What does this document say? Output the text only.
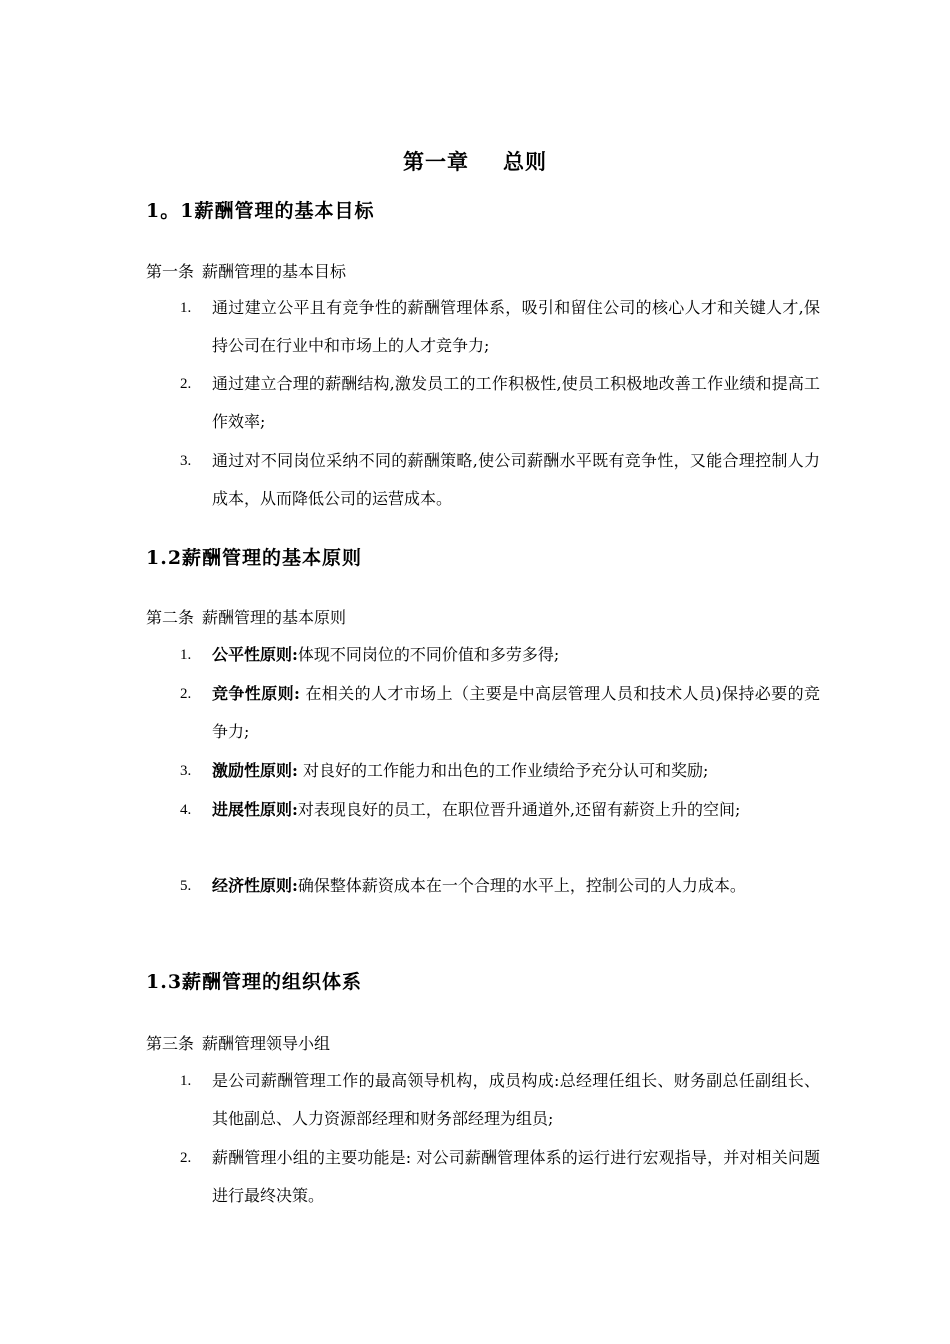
第一章 总则
1。1薪酬管理的基本目标
第一条 薪酬管理的基本目标
1. 通过建立公平且有竞争性的薪酬管理体系，吸引和留住公司的核心人才和关键人才,保持公司在行业中和市场上的人才竞争力;
2. 通过建立合理的薪酬结构,激发员工的工作积极性,使员工积极地改善工作业绩和提高工作效率;
3. 通过对不同岗位采纳不同的薪酬策略,使公司薪酬水平既有竞争性，又能合理控制人力成本，从而降低公司的运营成本。
1.2薪酬管理的基本原则
第二条 薪酬管理的基本原则
1. 公平性原则:体现不同岗位的不同价值和多劳多得;
2. 竞争性原则: 在相关的人才市场上（主要是中高层管理人员和技术人员)保持必要的竞争力;
3. 激励性原则: 对良好的工作能力和出色的工作业绩给予充分认可和奖励;
4. 进展性原则:对表现良好的员工，在职位晋升通道外,还留有薪资上升的空间;
5. 经济性原则:确保整体薪资成本在一个合理的水平上，控制公司的人力成本。
1.3薪酬管理的组织体系
第三条 薪酬管理领导小组
1. 是公司薪酬管理工作的最高领导机构，成员构成:总经理任组长、财务副总任副组长、其他副总、人力资源部经理和财务部经理为组员;
2. 薪酬管理小组的主要功能是: 对公司薪酬管理体系的运行进行宏观指导，并对相关问题进行最终决策。
